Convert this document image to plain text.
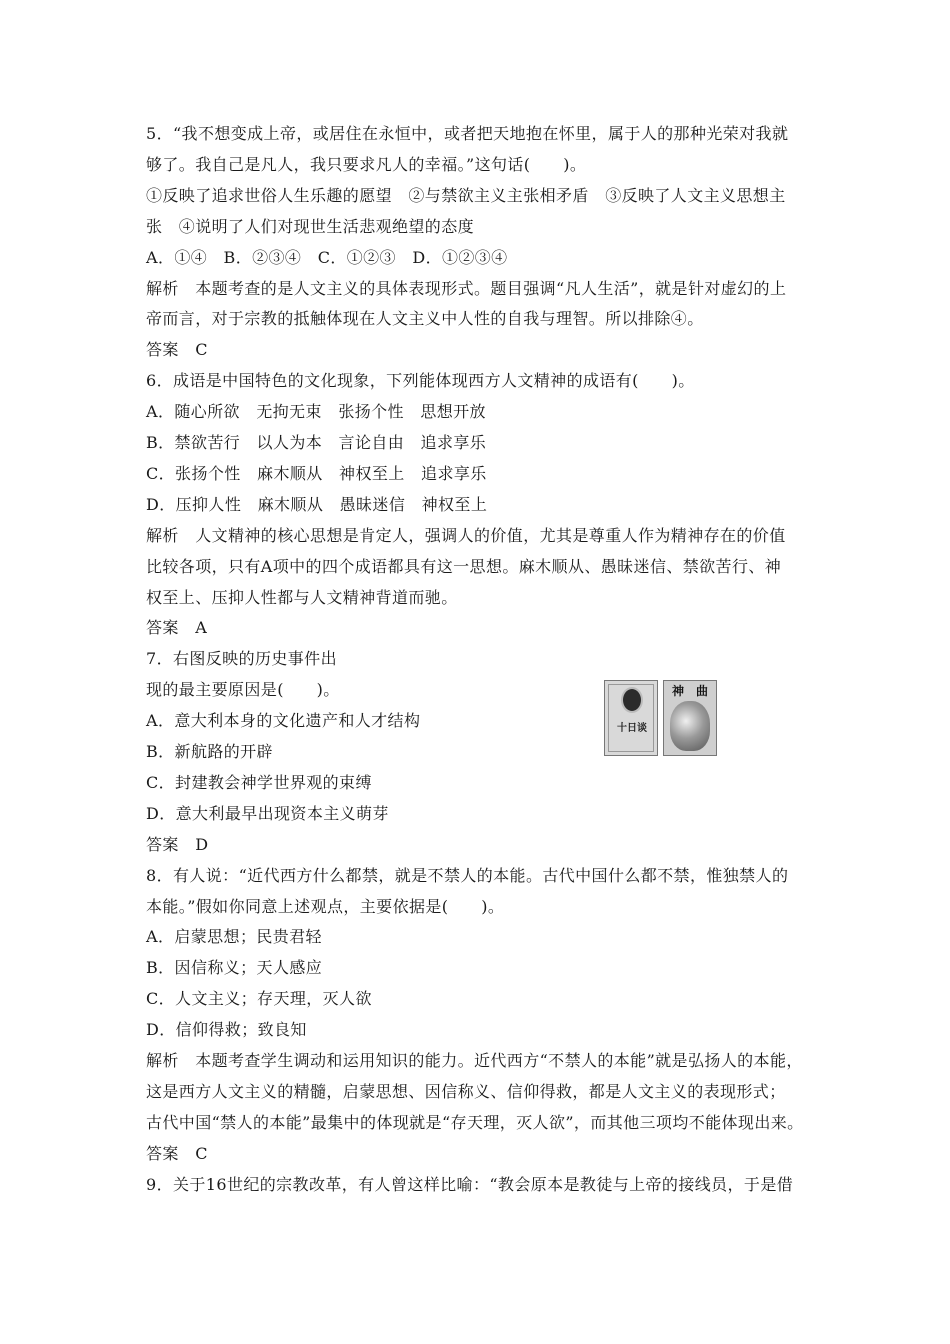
5．“我不想变成上帝，或居住在永恒中，或者把天地抱在怀里，属于人的那种光荣对我就
够了。我自己是凡人，我只要求凡人的幸福。”这句话(　　)。
①反映了追求世俗人生乐趣的愿望　②与禁欲主义主张相矛盾　③反映了人文主义思想主
张　④说明了人们对现世生活悲观绝望的态度
A．①④　B．②③④　C．①②③　D．①②③④
解析　本题考查的是人文主义的具体表现形式。题目强调“凡人生活”，就是针对虚幻的上
帝而言，对于宗教的抵触体现在人文主义中人性的自我与理智。所以排除④。
答案　C
6．成语是中国特色的文化现象，下列能体现西方人文精神的成语有(　　)。
A．随心所欲　无拘无束　张扬个性　思想开放
B．禁欲苦行　以人为本　言论自由　追求享乐
C．张扬个性　麻木顺从　神权至上　追求享乐
D．压抑人性　麻木顺从　愚昧迷信　神权至上
解析　人文精神的核心思想是肯定人，强调人的价值，尤其是尊重人作为精神存在的价值
比较各项，只有A项中的四个成语都具有这一思想。麻木顺从、愚昧迷信、禁欲苦行、神
权至上、压抑人性都与人文精神背道而驰。
答案　A
7．右图反映的历史事件出
现的最主要原因是(　　)。
A．意大利本身的文化遗产和人才结构
B．新航路的开辟
C．封建教会神学世界观的束缚
D．意大利最早出现资本主义萌芽
答案　D
8．有人说：“近代西方什么都禁，就是不禁人的本能。古代中国什么都不禁，惟独禁人的
本能。”假如你同意上述观点，主要依据是(　　)。
A．启蒙思想；民贵君轻
B．因信称义；天人感应
C．人文主义；存天理，灭人欲
D．信仰得救；致良知
解析　本题考查学生调动和运用知识的能力。近代西方“不禁人的本能”就是弘扬人的本能，
这是西方人文主义的精髓，启蒙思想、因信称义、信仰得救，都是人文主义的表现形式；
古代中国“禁人的本能”最集中的体现就是“存天理，灭人欲”，而其他三项均不能体现出来。
答案　C
9．关于16世纪的宗教改革，有人曾这样比喻：“教会原本是教徒与上帝的接线员，于是借
十日谈
神　曲
